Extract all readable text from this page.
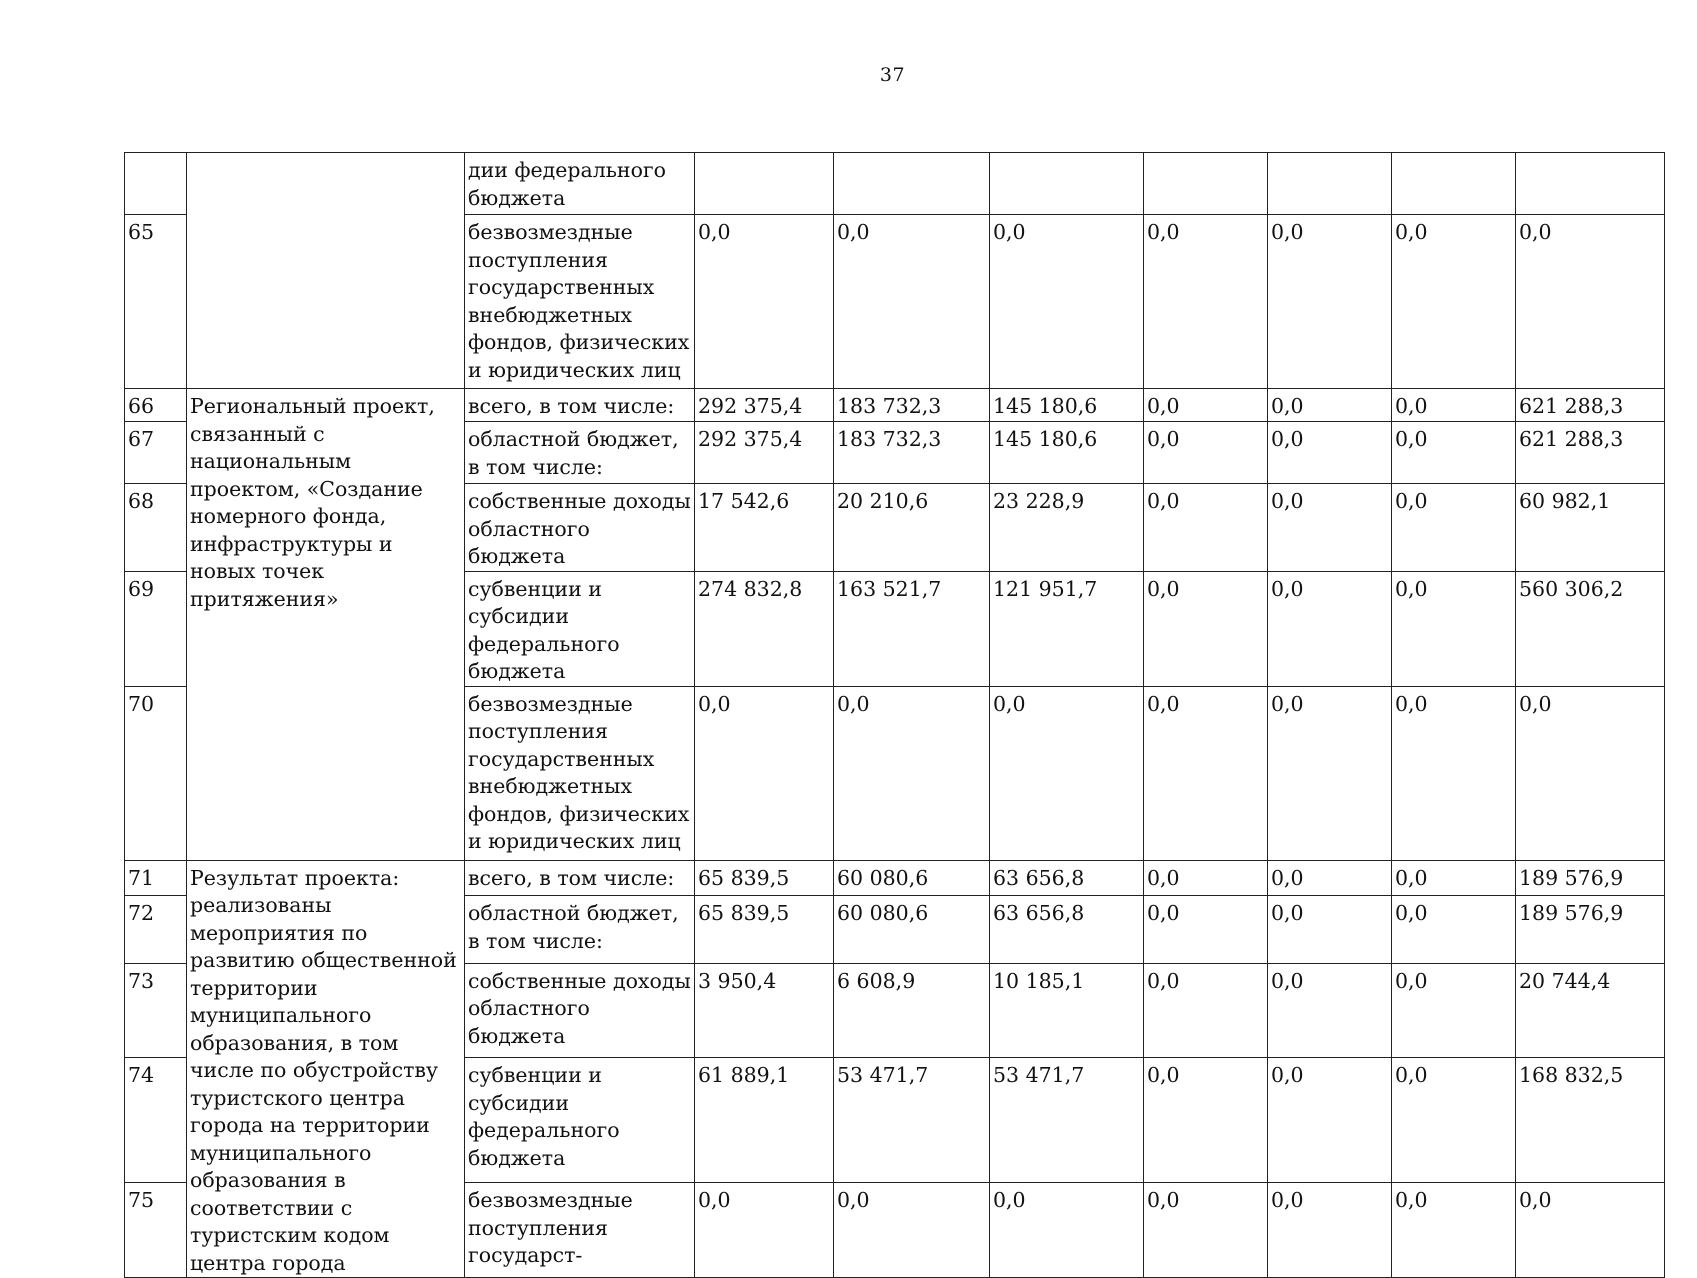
37
		дии федерального бюджета							
65		безвозмездные поступления государственных внебюджетных фондов, физических и юридических лиц	0,0	0,0	0,0	0,0	0,0	0,0	0,0
66	Региональный проект, связанный с национальным проектом, «Создание номерного фонда, инфраструктуры и новых точек притяжения»	всего, в том числе:	292 375,4	183 732,3	145 180,6	0,0	0,0	0,0	621 288,3
67		областной бюджет, в том числе:	292 375,4	183 732,3	145 180,6	0,0	0,0	0,0	621 288,3
68		собственные доходы областного бюджета	17 542,6	20 210,6	23 228,9	0,0	0,0	0,0	60 982,1
69		субвенции и субсидии федерального бюджета	274 832,8	163 521,7	121 951,7	0,0	0,0	0,0	560 306,2
70		безвозмездные поступления государственных внебюджетных фондов, физических и юридических лиц	0,0	0,0	0,0	0,0	0,0	0,0	0,0
71	Результат проекта: реализованы мероприятия по развитию общественной территории муниципального образования, в том числе по обустройству туристского центра города на территории муниципального образования в соответствии с туристским кодом центра города	всего, в том числе:	65 839,5	60 080,6	63 656,8	0,0	0,0	0,0	189 576,9
72		областной бюджет, в том числе:	65 839,5	60 080,6	63 656,8	0,0	0,0	0,0	189 576,9
73		собственные доходы областного бюджета	3 950,4	6 608,9	10 185,1	0,0	0,0	0,0	20 744,4
74		субвенции и субсидии федерального бюджета	61 889,1	53 471,7	53 471,7	0,0	0,0	0,0	168 832,5
75		безвозмездные поступления государст-	0,0	0,0	0,0	0,0	0,0	0,0	0,0
